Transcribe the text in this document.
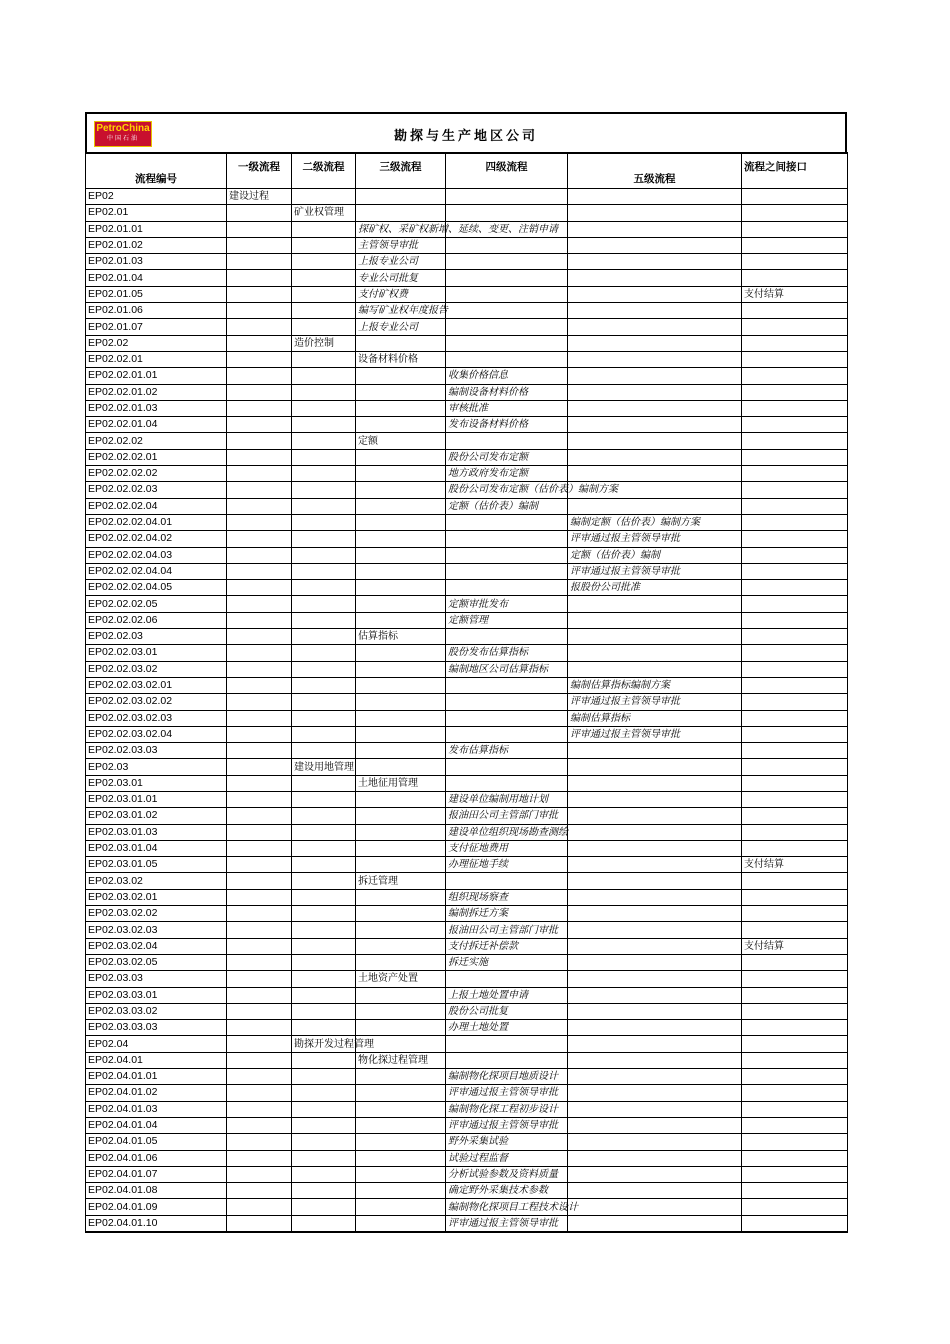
PetroChina
中国石油	勘探与生产地区公司
流程编号	一级流程	二级流程	三级流程	四级流程	五级流程	流程之间接口
EP02	建设过程					
EP02.01		矿业权管理				
EP02.01.01			探矿权、采矿权新增、延续、变更、注销申请			
EP02.01.02			主管领导审批			
EP02.01.03			上报专业公司			
EP02.01.04			专业公司批复			
EP02.01.05			支付矿权费			支付结算
EP02.01.06			编写矿业权年度报告			
EP02.01.07			上报专业公司			
EP02.02		造价控制				
EP02.02.01			设备材料价格			
EP02.02.01.01				收集价格信息		
EP02.02.01.02				编制设备材料价格		
EP02.02.01.03				审核批准		
EP02.02.01.04				发布设备材料价格		
EP02.02.02			定额			
EP02.02.02.01				股份公司发布定额		
EP02.02.02.02				地方政府发布定额		
EP02.02.02.03				股份公司发布定额（估价表）编制方案		
EP02.02.02.04				定额（估价表）编制		
EP02.02.02.04.01					编制定额（估价表）编制方案	
EP02.02.02.04.02					评审通过报主管领导审批	
EP02.02.02.04.03					定额（估价表）编制	
EP02.02.02.04.04					评审通过报主管领导审批	
EP02.02.02.04.05					报股份公司批准	
EP02.02.02.05				定额审批发布		
EP02.02.02.06				定额管理		
EP02.02.03			估算指标			
EP02.02.03.01				股份发布估算指标		
EP02.02.03.02				编制地区公司估算指标		
EP02.02.03.02.01					编制估算指标编制方案	
EP02.02.03.02.02					评审通过报主管领导审批	
EP02.02.03.02.03					编制估算指标	
EP02.02.03.02.04					评审通过报主管领导审批	
EP02.02.03.03				发布估算指标		
EP02.03		建设用地管理				
EP02.03.01			土地征用管理			
EP02.03.01.01				建设单位编制用地计划		
EP02.03.01.02				报油田公司主管部门审批		
EP02.03.01.03				建设单位组织现场勘查测绘		
EP02.03.01.04				支付征地费用		
EP02.03.01.05				办理征地手续		支付结算
EP02.03.02			拆迁管理			
EP02.03.02.01				组织现场察查		
EP02.03.02.02				编制拆迁方案		
EP02.03.02.03				报油田公司主管部门审批		
EP02.03.02.04				支付拆迁补偿款		支付结算
EP02.03.02.05				拆迁实施		
EP02.03.03			土地资产处置			
EP02.03.03.01				上报土地处置申请		
EP02.03.03.02				股份公司批复		
EP02.03.03.03				办理土地处置		
EP02.04		勘探开发过程管理				
EP02.04.01			物化探过程管理			
EP02.04.01.01				编制物化探项目地质设计		
EP02.04.01.02				评审通过报主管领导审批		
EP02.04.01.03				编制物化探工程初步设计		
EP02.04.01.04				评审通过报主管领导审批		
EP02.04.01.05				野外采集试验		
EP02.04.01.06				试验过程监督		
EP02.04.01.07				分析试验参数及资料质量		
EP02.04.01.08				确定野外采集技术参数		
EP02.04.01.09				编制物化探项目工程技术设计		
EP02.04.01.10				评审通过报主管领导审批		
